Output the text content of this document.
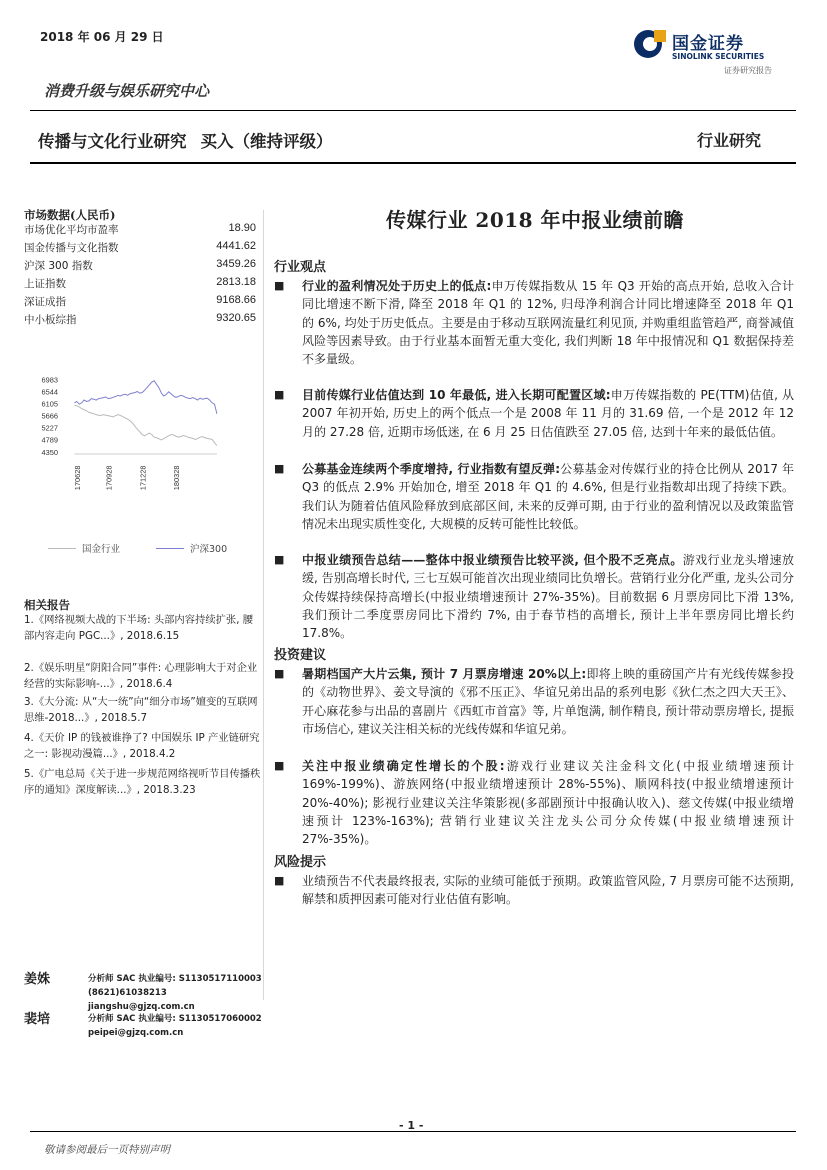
2018 年 06 月 29 日	国金证券
SINOLINK SECURITIES
证券研究报告
消费升级与娱乐研究中心
传播与文化行业研究 买入（维持评级）	行业研究
市场数据(人民币)
市场优化平均市盈率	18.90
国金传播与文化指数	4441.62
沪深 300 指数	3459.26
上证指数	2813.18
深证成指	9168.66
中小板综指	9320.65
6983
6544
6105
5666
5227
4789
4350
170628 170928	171228	180328
国金行业	沪深300
相关报告

1.《网络视频大战的下半场: 头部内容持续扩张, 腰部内容走向 PGC...》, 2018.6.15

2.《娱乐明星“阴阳合同”事件: 心理影响大于对企业经营的实际影响-...》, 2018.6.4

3.《大分流: 从“大一统”向“细分市场”嬗变的互联网思维-2018...》, 2018.5.7

4.《天价 IP 的钱被谁挣了? 中国娱乐 IP 产业链研究之一: 影视动漫篇...》, 2018.4.2

5.《广电总局《关于进一步规范网络视听节目传播秩序的通知》深度解读...》, 2018.3.23

姜姝	分析师 SAC 执业编号: S1130517110003
(8621)61038213
jiangshu@gjzq.com.cn
裴培	分析师 SAC 执业编号: S1130517060002
peipei@gjzq.com.cn
传媒行业 2018 年中报业绩前瞻
行业观点
■ 行业的盈利情况处于历史上的低点:申万传媒指数从 15 年 Q3 开始的高点开始, 总收入合计同比增速不断下滑, 降至 2018 年 Q1 的 12%, 归母净利润合计同比增速降至 2018 年 Q1 的 6%, 均处于历史低点。主要是由于移动互联网流量红利见顶, 并购重组监管趋严, 商誉减值风险等因素导致。由于行业基本面暂无重大变化, 我们判断 18 年中报情况和 Q1 数据保持差不多量级。
■ 目前传媒行业估值达到 10 年最低, 进入长期可配置区域:申万传媒指数的 PE(TTM)估值, 从 2007 年初开始, 历史上的两个低点一个是 2008 年 11 月的 31.69 倍, 一个是 2012 年 12 月的 27.28 倍, 近期市场低迷, 在 6 月 25 日估值跌至 27.05 倍, 达到十年来的最低估值。
■ 公募基金连续两个季度增持, 行业指数有望反弹:公募基金对传媒行业的持仓比例从 2017 年 Q3 的低点 2.9% 开始加仓, 增至 2018 年 Q1 的 4.6%, 但是行业指数却出现了持续下跌。我们认为随着估值风险释放到底部区间, 未来的反弹可期, 由于行业的盈利情况以及政策监管情况未出现实质性变化, 大规模的反转可能性比较低。
■ 中报业绩预告总结——整体中报业绩预告比较平淡, 但个股不乏亮点。游戏行业龙头增速放缓, 告别高增长时代, 三七互娱可能首次出现业绩同比负增长。营销行业分化严重, 龙头公司分众传媒持续保持高增长(中报业绩增速预计 27%-35%)。目前数据 6 月票房同比下滑 13%, 我们预计二季度票房同比下滑约 7%, 由于春节档的高增长, 预计上半年票房同比增长约 17.8%。
投资建议
■ 暑期档国产大片云集, 预计 7 月票房增速 20%以上:即将上映的重磅国产片有光线传媒参投的《动物世界》、姜文导演的《邪不压正》、华谊兄弟出品的系列电影《狄仁杰之四大天王》、开心麻花参与出品的喜剧片《西虹市首富》等, 片单饱满, 制作精良, 预计带动票房增长, 提振市场信心, 建议关注相关标的光线传媒和华谊兄弟。
■ 关注中报业绩确定性增长的个股:游戏行业建议关注金科文化(中报业绩增速预计 169%-199%)、游族网络(中报业绩增速预计 28%-55%)、顺网科技(中报业绩增速预计 20%-40%); 影视行业建议关注华策影视(多部剧预计中报确认收入)、慈文传媒(中报业绩增速预计 123%-163%); 营销行业建议关注龙头公司分众传媒(中报业绩增速预计 27%-35%)。
风险提示
■ 业绩预告不代表最终报表, 实际的业绩可能低于预期。政策监管风险, 7 月票房可能不达预期, 解禁和质押因素可能对行业估值有影响。
- 1 -
敬请参阅最后一页特别声明
